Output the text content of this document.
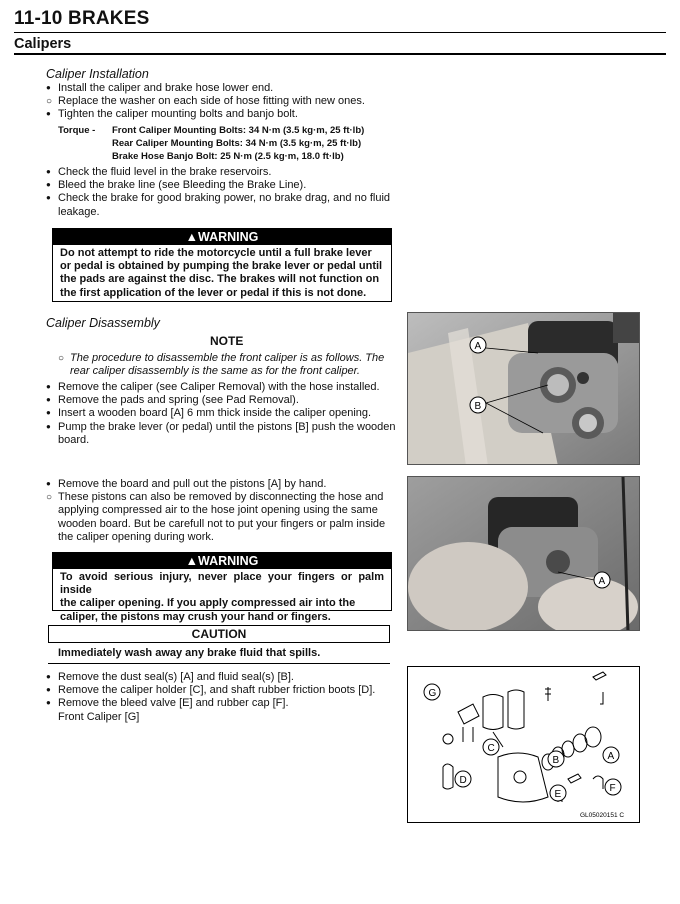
11-10 BRAKES
Calipers
Caliper Installation
●Install the caliper and brake hose lower end.
○Replace the washer on each side of hose fitting with new ones.
●Tighten the caliper mounting bolts and banjo bolt.
Torque - Front Caliper Mounting Bolts: 34 N·m (3.5 kg·m, 25 ft·lb)
Rear Caliper Mounting Bolts: 34 N·m (3.5 kg·m, 25 ft·lb)
Brake Hose Banjo Bolt: 25 N·m (2.5 kg·m, 18.0 ft·lb)
●Check the fluid level in the brake reservoirs.
●Bleed the brake line (see Bleeding the Brake Line).
●Check the brake for good braking power, no brake drag, and no fluid
leakage.
▲WARNING
Do not attempt to ride the motorcycle until a full brake lever
or pedal is obtained by pumping the brake lever or pedal until
the pads are against the disc. The brakes will not function on
the first application of the lever or pedal if this is not done.
Caliper Disassembly
NOTE
○The procedure to disassemble the front caliper is as follows. The
rear caliper disassembly is the same as for the front caliper.
●Remove the caliper (see Caliper Removal) with the hose installed.
●Remove the pads and spring (see Pad Removal).
●Insert a wooden board [A] 6 mm thick inside the caliper opening.
●Pump the brake lever (or pedal) until the pistons [B] push the wooden
board.
●Remove the board and pull out the pistons [A] by hand.
○These pistons can also be removed by disconnecting the hose and
applying compressed air to the hose joint opening using the same
wooden board. But be carefull not to put your fingers or palm inside
the caliper opening during work.
▲WARNING
To avoid serious injury, never place your fingers or palm inside
the caliper opening. If you apply compressed air into the
caliper, the pistons may crush your hand or fingers.
CAUTION
Immediately wash away any brake fluid that spills.
●Remove the dust seal(s) [A] and fluid seal(s) [B].
●Remove the caliper holder [C], and shaft rubber friction boots [D].
●Remove the bleed valve [E] and rubber cap [F].
Front Caliper [G]
A
B
A
G
C
D
B	A
E
F
GL05020151 C
